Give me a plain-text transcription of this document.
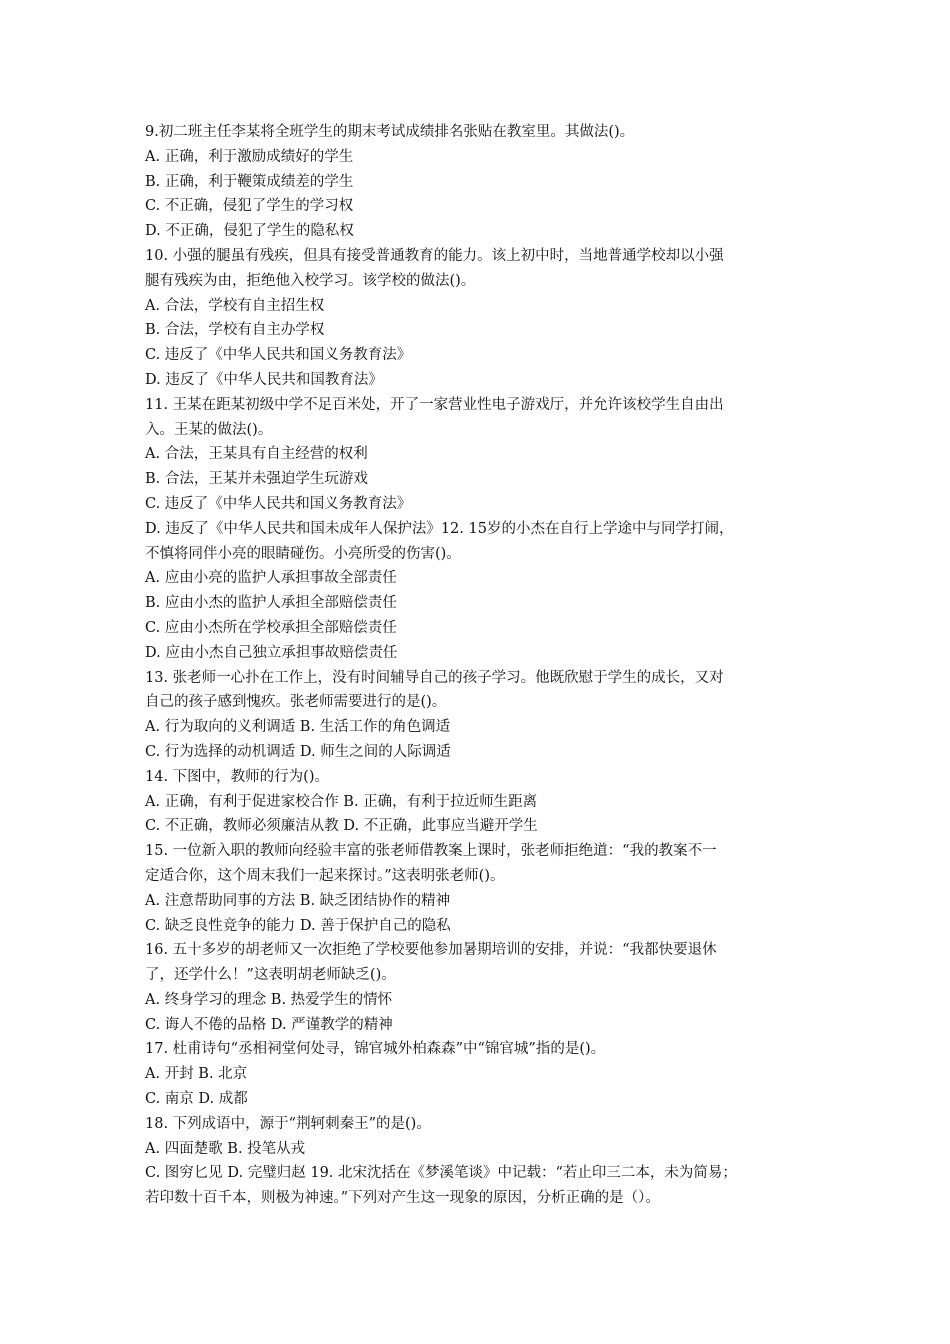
9.初二班主任李某将全班学生的期末考试成绩排名张贴在教室里。其做法()。
A. 正确，利于激励成绩好的学生
B. 正确，利于鞭策成绩差的学生
C. 不正确，侵犯了学生的学习权
D. 不正确，侵犯了学生的隐私权
10. 小强的腿虽有残疾，但具有接受普通教育的能力。该上初中时，当地普通学校却以小强
腿有残疾为由，拒绝他入校学习。该学校的做法()。
A. 合法，学校有自主招生权
B. 合法，学校有自主办学权
C. 违反了《中华人民共和国义务教育法》
D. 违反了《中华人民共和国教育法》
11. 王某在距某初级中学不足百米处，开了一家营业性电子游戏厅，并允许该校学生自由出
入。王某的做法()。
A. 合法，王某具有自主经营的权利
B. 合法，王某并未强迫学生玩游戏
C. 违反了《中华人民共和国义务教育法》
D. 违反了《中华人民共和国未成年人保护法》12. 15岁的小杰在自行上学途中与同学打闹，
不慎将同伴小亮的眼睛碰伤。小亮所受的伤害()。
A. 应由小亮的监护人承担事故全部责任
B. 应由小杰的监护人承担全部赔偿责任
C. 应由小杰所在学校承担全部赔偿责任
D. 应由小杰自己独立承担事故赔偿责任
13. 张老师一心扑在工作上，没有时间辅导自己的孩子学习。他既欣慰于学生的成长，又对
自己的孩子感到愧疚。张老师需要进行的是()。
A. 行为取向的义利调适 B. 生活工作的角色调适
C. 行为选择的动机调适 D. 师生之间的人际调适
14. 下图中，教师的行为()。
A. 正确，有利于促进家校合作 B. 正确，有利于拉近师生距离
C. 不正确，教师必须廉洁从教 D. 不正确，此事应当避开学生
15. 一位新入职的教师向经验丰富的张老师借教案上课时，张老师拒绝道：“我的教案不一
定适合你，这个周末我们一起来探讨。”这表明张老师()。
A. 注意帮助同事的方法 B. 缺乏团结协作的精神
C. 缺乏良性竞争的能力 D. 善于保护自己的隐私
16. 五十多岁的胡老师又一次拒绝了学校要他参加暑期培训的安排，并说：“我都快要退休
了，还学什么！”这表明胡老师缺乏()。
A. 终身学习的理念 B. 热爱学生的情怀
C. 诲人不倦的品格 D. 严谨教学的精神
17. 杜甫诗句“丞相祠堂何处寻，锦官城外柏森森”中“锦官城”指的是()。
A. 开封 B. 北京
C. 南京 D. 成都
18. 下列成语中，源于“荆轲刺秦王”的是()。
A. 四面楚歌 B. 投笔从戎
C. 图穷匕见 D. 完璧归赵 19. 北宋沈括在《梦溪笔谈》中记载：“若止印三二本，未为简易；
若印数十百千本，则极为神速。”下列对产生这一现象的原因，分析正确的是（）。
